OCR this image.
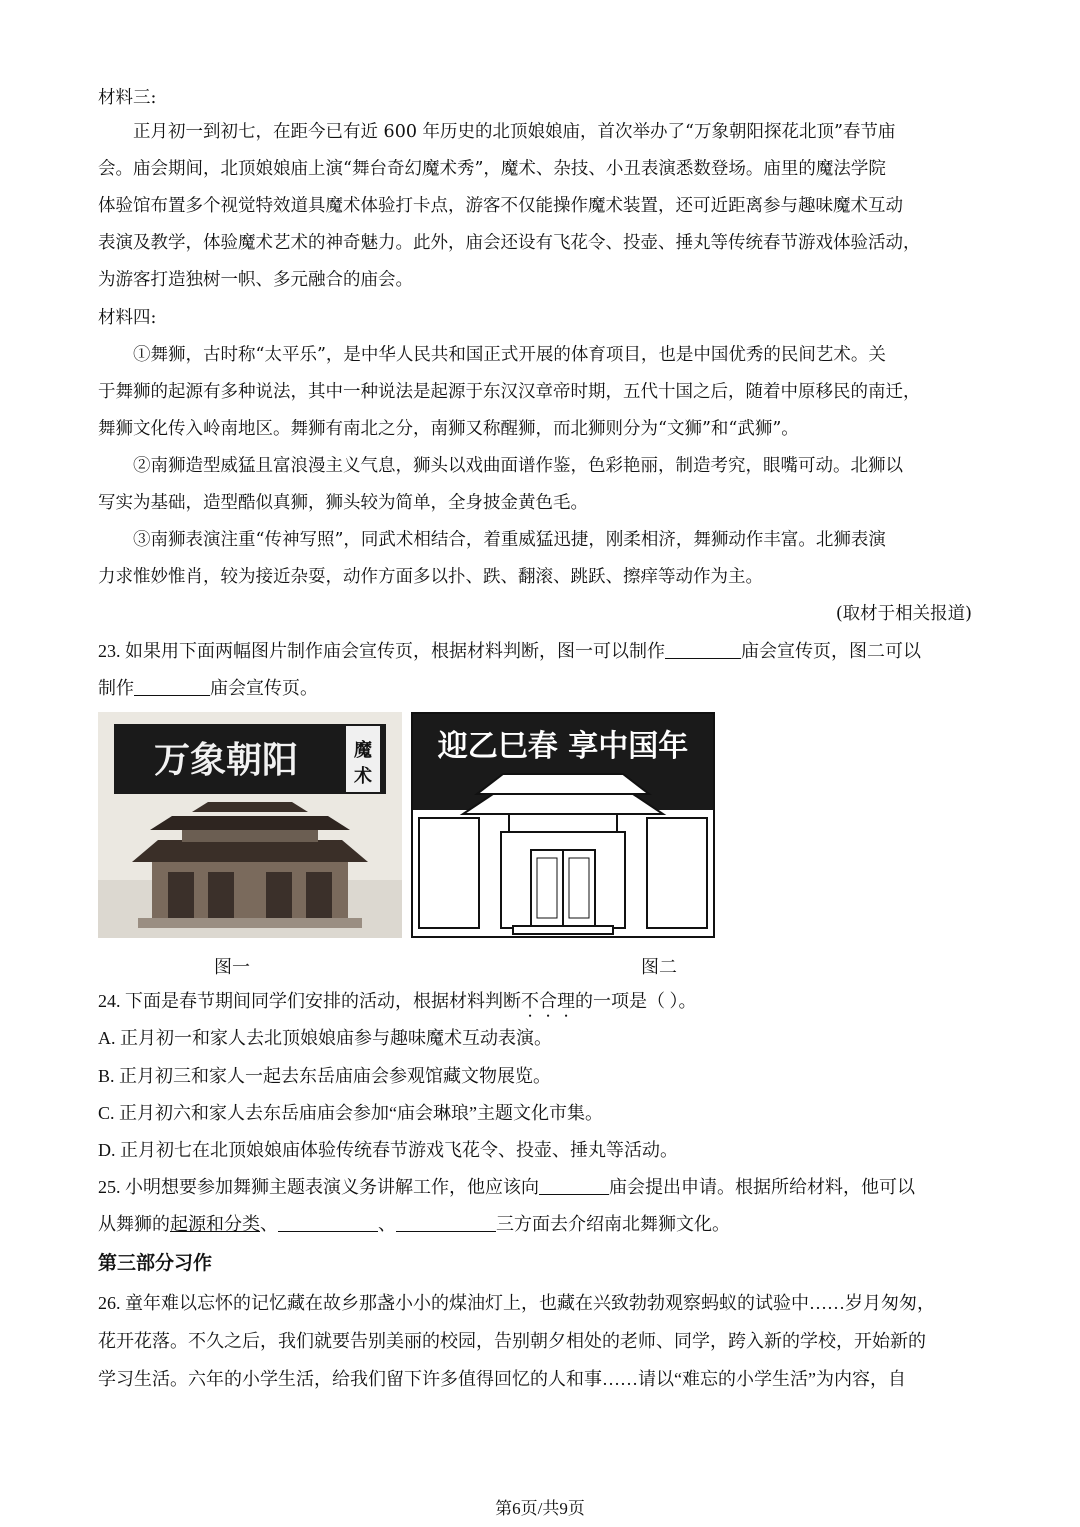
材料三:
正月初一到初七，在距今已有近 600 年历史的北顶娘娘庙，首次举办了“万象朝阳探花北顶”春节庙
会。庙会期间，北顶娘娘庙上演“舞台奇幻魔术秀”，魔术、杂技、小丑表演悉数登场。庙里的魔法学院
体验馆布置多个视觉特效道具魔术体验打卡点，游客不仅能操作魔术装置，还可近距离参与趣味魔术互动
表演及教学，体验魔术艺术的神奇魅力。此外，庙会还设有飞花令、投壶、捶丸等传统春节游戏体验活动，
为游客打造独树一帜、多元融合的庙会。
材料四:
①舞狮，古时称“太平乐”，是中华人民共和国正式开展的体育项目，也是中国优秀的民间艺术。关
于舞狮的起源有多种说法，其中一种说法是起源于东汉汉章帝时期，五代十国之后，随着中原移民的南迁，
舞狮文化传入岭南地区。舞狮有南北之分，南狮又称醒狮，而北狮则分为“文狮”和“武狮”。
②南狮造型威猛且富浪漫主义气息，狮头以戏曲面谱作鉴，色彩艳丽，制造考究，眼嘴可动。北狮以
写实为基础，造型酷似真狮，狮头较为简单，全身披金黄色毛。
③南狮表演注重“传神写照”，同武术相结合，着重威猛迅捷，刚柔相济，舞狮动作丰富。北狮表演
力求惟妙惟肖，较为接近杂耍，动作方面多以扑、跌、翻滚、跳跃、擦痒等动作为主。
(取材于相关报道)
23. 如果用下面两幅图片制作庙会宣传页，根据材料判断，图一可以制作	庙会宣传页，图二可以
制作	庙会宣传页。
万象朝阳	魔
术
迎乙巳春 享中国年
图一	图二
24. 下面是春节期间同学们安排的活动，根据材料判断不合理的一项是（ ）。
A. 正月初一和家人去北顶娘娘庙参与趣味魔术互动表演。
B. 正月初三和家人一起去东岳庙庙会参观馆藏文物展览。
C. 正月初六和家人去东岳庙庙会参加“庙会琳琅”主题文化市集。
D. 正月初七在北顶娘娘庙体验传统春节游戏飞花令、投壶、捶丸等活动。
25. 小明想要参加舞狮主题表演义务讲解工作，他应该向	庙会提出申请。根据所给材料，他可以
从舞狮的起源和分类、	、	三方面去介绍南北舞狮文化。
第三部分习作
26. 童年难以忘怀的记忆藏在故乡那盏小小的煤油灯上，也藏在兴致勃勃观察蚂蚁的试验中……岁月匆匆，
花开花落。不久之后，我们就要告别美丽的校园，告别朝夕相处的老师、同学，跨入新的学校，开始新的
学习生活。六年的小学生活，给我们留下许多值得回忆的人和事……请以“难忘的小学生活”为内容，自
第6页/共9页
